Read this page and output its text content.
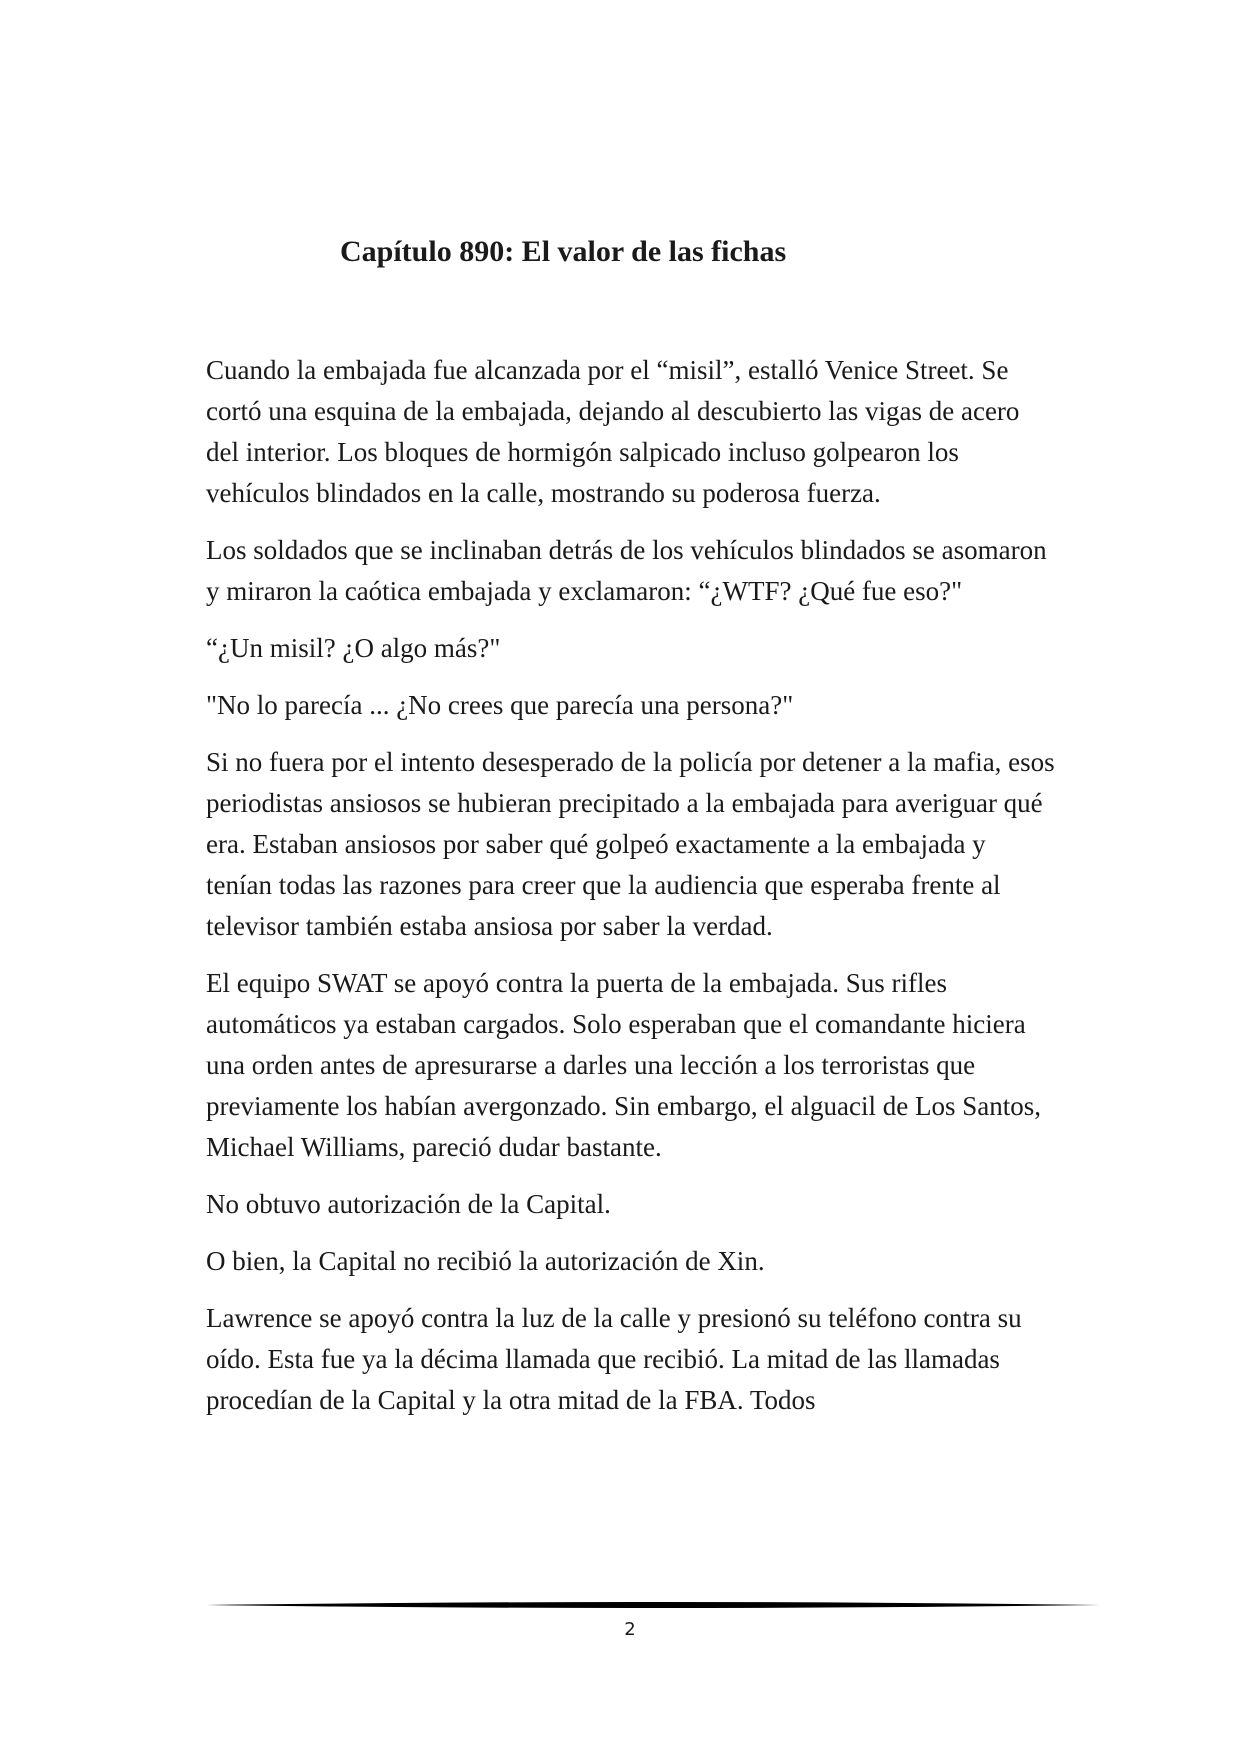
Capítulo 890: El valor de las fichas

Cuando la embajada fue alcanzada por el “misil”, estalló Venice Street. Se cortó una esquina de la embajada, dejando al descubierto las vigas de acero del interior. Los bloques de hormigón salpicado incluso golpearon los vehículos blindados en la calle, mostrando su poderosa fuerza.

Los soldados que se inclinaban detrás de los vehículos blindados se asomaron y miraron la caótica embajada y exclamaron: “¿WTF? ¿Qué fue eso?"

“¿Un misil? ¿O algo más?"

"No lo parecía ... ¿No crees que parecía una persona?"

Si no fuera por el intento desesperado de la policía por detener a la mafia, esos periodistas ansiosos se hubieran precipitado a la embajada para averiguar qué era. Estaban ansiosos por saber qué golpeó exactamente a la embajada y tenían todas las razones para creer que la audiencia que esperaba frente al televisor también estaba ansiosa por saber la verdad.

El equipo SWAT se apoyó contra la puerta de la embajada. Sus rifles automáticos ya estaban cargados. Solo esperaban que el comandante hiciera una orden antes de apresurarse a darles una lección a los terroristas que previamente los habían avergonzado. Sin embargo, el alguacil de Los Santos, Michael Williams, pareció dudar bastante.

No obtuvo autorización de la Capital.

O bien, la Capital no recibió la autorización de Xin.

Lawrence se apoyó contra la luz de la calle y presionó su teléfono contra su oído. Esta fue ya la décima llamada que recibió. La mitad de las llamadas procedían de la Capital y la otra mitad de la FBA. Todos

2
